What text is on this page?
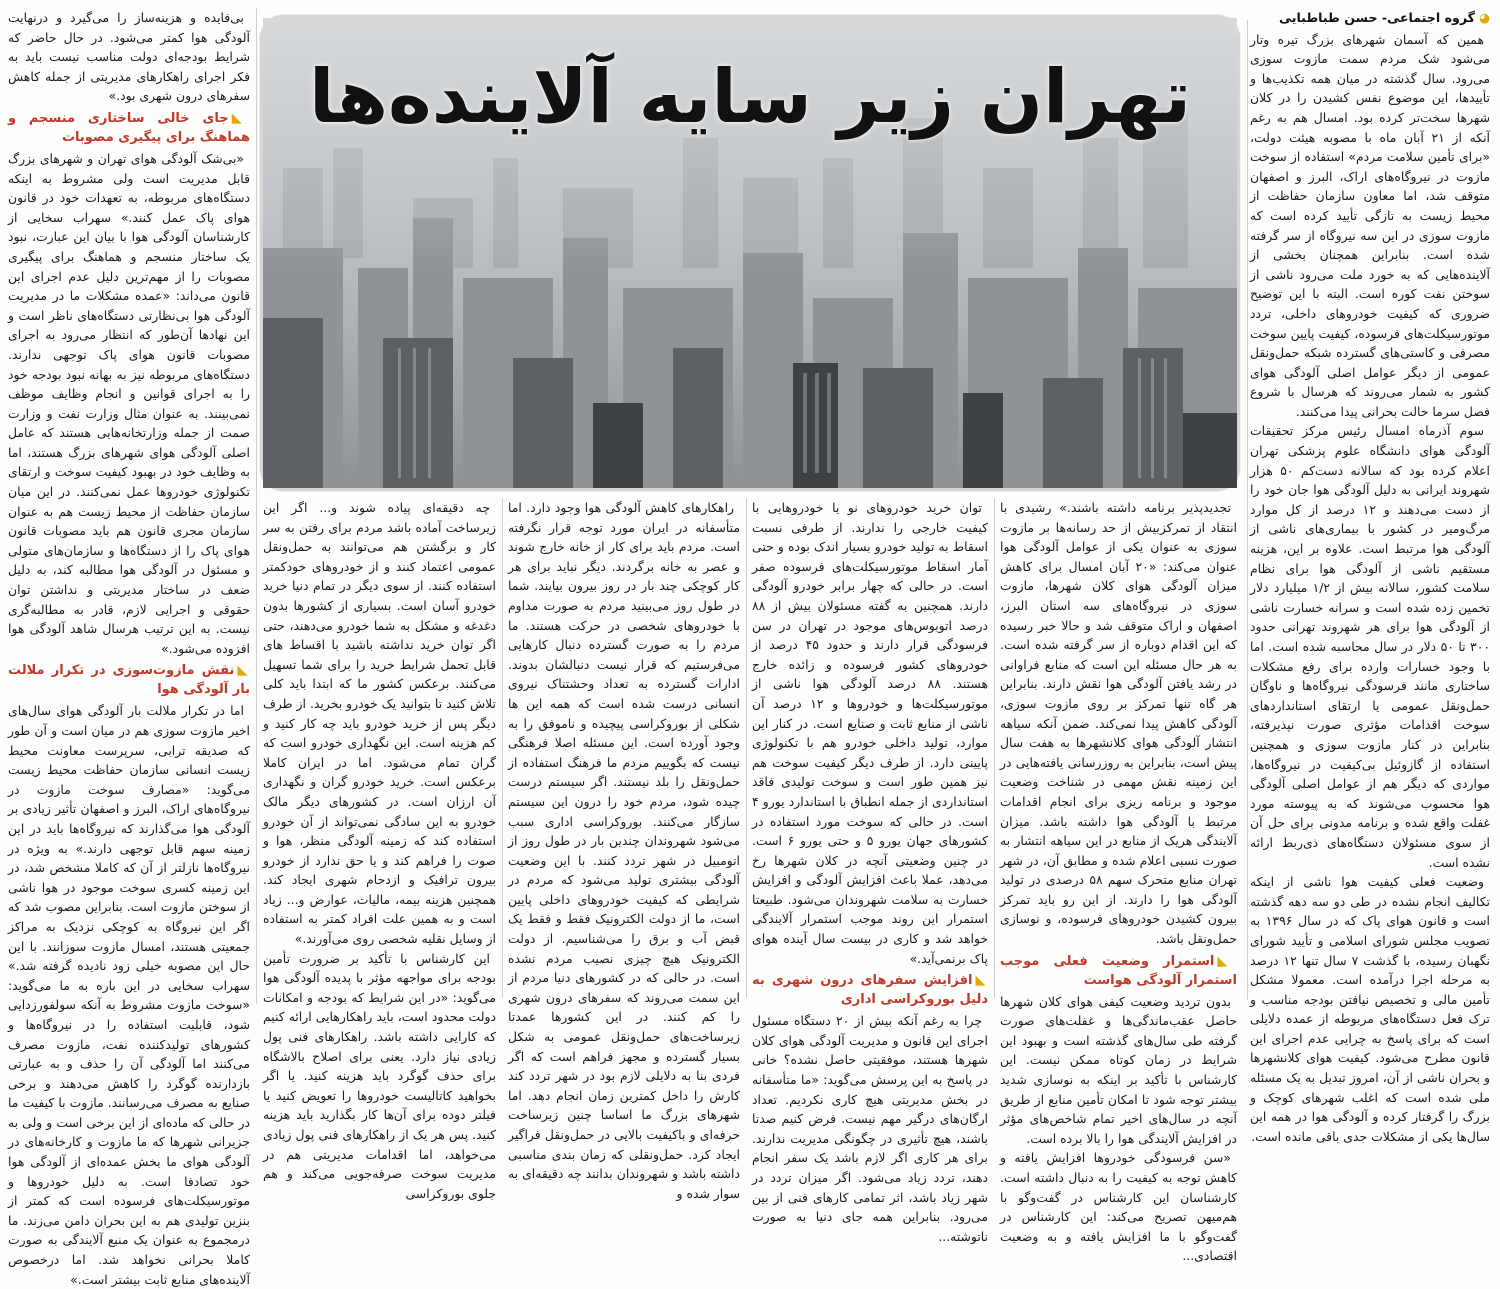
◕گروه اجتماعی- حسن طباطبایی

همین که آسمان شهرهای بزرگ تیره وتار می‌شود شک مردم سمت مازوت سوزی می‌رود. سال گذشته در میان همه تکذیب‌ها و تأییدها، این موضوع نفس کشیدن را در کلان شهرها سخت‌تر کرده بود. امسال هم به رغم آنکه از ۲۱ آبان ماه با مصوبه هیئت دولت، «برای تأمین سلامت مردم» استفاده از سوخت مازوت در نیروگاه‌های اراک، البرز و اصفهان متوقف شد، اما معاون سازمان حفاظت از محیط زیست به تازگی تأیید کرده است که مازوت سوزی در این سه نیروگاه از سر گرفته شده است. بنابراین همچنان بخشی از آلاینده‌هایی که به خورد ملت می‌رود ناشی از سوختن نفت کوره است. البته با این توضیح ضروری که کیفیت خودروهای داخلی، تردد موتورسیکلت‌های فرسوده، کیفیت پایین سوخت مصرفی و کاستی‌های گسترده شبکه حمل‌ونقل عمومی از دیگر عوامل اصلی آلودگی هوای کشور به شمار می‌روند که هرسال با شروع فصل سرما حالت بحرانی پیدا می‌کنند.

سوم آذرماه امسال رئیس مرکز تحقیقات آلودگی هوای دانشگاه علوم پزشکی تهران اعلام کرده بود که سالانه دست‌کم ۵۰ هزار شهروند ایرانی به دلیل آلودگی هوا جان خود را از دست می‌دهند و ۱۲ درصد از کل موارد مرگ‌ومیر در کشور با بیماری‌های ناشی از آلودگی هوا مرتبط است. علاوه بر این، هزینه مستقیم ناشی از آلودگی هوا برای نظام سلامت کشور، سالانه بیش از ۱/۲ میلیارد دلار تخمین زده شده است و سرانه خسارت ناشی از آلودگی هوا برای هر شهروند تهرانی حدود ۳۰۰ تا ۵۰ دلار در سال محاسبه شده است. اما با وجود خسارات وارده برای رفع مشکلات ساختاری مانند فرسودگی نیروگاه‌ها و ناوگان حمل‌ونقل عمومی یا ارتقای استانداردهای سوخت اقدامات مؤثری صورت نپذیرفته، بنابراین در کنار مازوت سوزی و همچنین استفاده از گازوئیل بی‌کیفیت در نیروگاه‌ها، مواردی که دیگر هم از عوامل اصلی آلودگی هوا محسوب می‌شوند که به پیوسته مورد غفلت واقع شده و برنامه مدونی برای حل آن از سوی مسئولان دستگاه‌های ذی‌ربط ارائه نشده است.

وضعیت فعلی کیفیت هوا ناشی از اینکه تکالیف انجام نشده در طی دو سه دهه گذشته است و قانون هوای پاک که در سال ۱۳۹۶ به تصویب مجلس شورای اسلامی و تأیید شورای نگهبان رسیده، با گذشت ۷ سال تنها ۱۲ درصد به مرحله اجرا درآمده است. معمولا مشکل تأمین مالی و تخصیص نیافتن بودجه مناسب و ترک فعل دستگاه‌های مربوطه از عمده دلایلی است که برای پاسخ به چرایی عدم اجرای این قانون مطرح می‌شود. کیفیت هوای کلانشهرها و بحران ناشی از آن، امروز تبدیل به یک مسئله ملی شده است که اغلب شهرهای کوچک و بزرگ را گرفتار کرده و آلودگی هوا در همه این سال‌ها یکی از مشکلات جدی باقی مانده است.

تهران زیر سایه آلاینده‌ها

تجدیدپذیر برنامه داشته باشند.» رشیدی با انتقاد از تمرکزبیش از حد رسانه‌ها بر مازوت سوزی به عنوان یکی از عوامل آلودگی هوا عنوان می‌کند: «۲۰ آبان امسال برای کاهش میزان آلودگی هوای کلان شهرها، مازوت سوزی در نیروگاه‌های سه استان البرز، اصفهان و اراک متوقف شد و حالا خبر رسیده که این اقدام دوباره از سر گرفته شده است. به هر حال مسئله این است که منابع فراوانی در رشد یافتن آلودگی هوا نقش دارند. بنابراین هر گاه تنها تمرکز بر روی مازوت سوزی، آلودگی کاهش پیدا نمی‌کند. ضمن آنکه سیاهه انتشار آلودگی هوای کلانشهرها به هفت سال پیش است، بنابراین به روزرسانی یافته‌هایی در این زمینه نقش مهمی در شناخت وضعیت موجود و برنامه ریزی برای انجام اقدامات مرتبط با آلودگی هوا داشته باشد. میزان آلایندگی هریک از منابع در این سیاهه انتشار به صورت نسبی اعلام شده و مطابق آن، در شهر تهران منابع متحرک سهم ۵۸ درصدی در تولید آلودگی هوا را دارند. از این رو باید تمرکز بیرون کشیدن خودروهای فرسوده، و نوسازی حمل‌ونقل باشد.

◣استمرار وضعیت فعلی موجب استمرار آلودگی هواست

بدون تردید وضعیت کیفی هوای کلان شهرها حاصل عقب‌ماندگی‌ها و غفلت‌های صورت گرفته طی سال‌های گذشته است و بهبود این شرایط در زمان کوتاه ممکن نیست. این کارشناس با تأکید بر اینکه به نوسازی شدید بیشتر توجه شود تا امکان تأمین منابع از طریق آنچه در سال‌های اخیر تمام شاخص‌های مؤثر در افزایش آلایندگی هوا را بالا برده است.

«سن فرسودگی خودروها افزایش یافته و کاهش توجه به کیفیت را به دنبال داشته است. کارشناسان این کارشناس در گفت‌وگو با هم‌میهن تصریح می‌کند: این کارشناس در گفت‌وگو با ما افزایش یافته و به وضعیت اقتصادی...

توان خرید خودروهای نو یا خودروهایی با کیفیت خارجی را ندارند. از طرفی نسبت اسقاط به تولید خودرو بسیار اندک بوده و حتی آمار اسقاط موتورسیکلت‌های فرسوده صفر است. در حالی که چهار برابر خودرو آلودگی دارند. همچنین به گفته مسئولان بیش از ۸۸ درصد اتوبوس‌های موجود در تهران در سن فرسودگی قرار دارند و حدود ۴۵ درصد از خودروهای کشور فرسوده و زائده خارج هستند. ۸۸ درصد آلودگی هوا ناشی از موتورسیکلت‌ها و خودروها و ۱۲ درصد آن ناشی از منابع ثابت و صنایع است. در کنار این موارد، تولید داخلی خودرو هم با تکنولوژی پایینی دارد. از طرف دیگر کیفیت سوخت هم نیز همین طور است و سوخت تولیدی فاقد استانداردی از جمله انطباق با استاندارد یورو ۴ است. در حالی که سوخت مورد استفاده در کشورهای جهان یورو ۵ و حتی یورو ۶ است. در چنین وضعیتی آنچه در کلان شهرها رخ می‌دهد، عملا باعث افزایش آلودگی و افزایش خسارت به سلامت شهروندان می‌شود. طبیعتا استمرار این روند موجب استمرار آلایندگی خواهد شد و کاری در بیست سال آینده هوای پاک برنمی‌آید.»

◣افزایش سفرهای درون شهری به دلیل بوروکراسی اداری

چرا به رغم آنکه بیش از ۲۰ دستگاه مسئول اجرای این قانون و مدیریت آلودگی هوای کلان شهرها هستند، موفقیتی حاصل نشده؟ خانی در پاسخ به این پرسش می‌گوید: «ما متأسفانه در بخش مدیریتی هیچ کاری نکردیم. تعداد ارگان‌های درگیر مهم نیست. فرض کنیم صدتا باشند، هیچ تأثیری در چگونگی مدیریت ندارند. برای هر کاری اگر لازم باشد یک سفر انجام دهند، تردد زیاد می‌شود. اگر میزان تردد در شهر زیاد باشد، اثر تمامی کارهای فنی از بین می‌رود. بنابراین همه جای دنیا به صورت ناتوشته...

راهکارهای کاهش آلودگی هوا وجود دارد. اما متأسفانه در ایران مورد توجه قرار نگرفته است. مردم باید برای کار از خانه خارج شوند و عصر به خانه برگردند. دیگر نباید برای هر کار کوچکی چند بار در روز بیرون بیایند. شما در طول روز می‌بینید مردم به صورت مداوم با خودروهای شخصی در حرکت هستند. ما مردم را به صورت گسترده دنبال کارهایی می‌فرستیم که قرار نیست دنبالشان بدوند. ادارات گسترده به تعداد وحشتناک نیروی انسانی درست شده است که همه این ها شکلی از بوروکراسی پیچیده و ناموفق را به وجود آورده است. این مسئله اصلا فرهنگی نیست که بگوییم مردم ما فرهنگ استفاده از حمل‌ونقل را بلد نیستند. اگر سیستم درست چیده شود، مردم خود را درون این سیستم سازگار می‌کنند. بوروکراسی اداری سبب می‌شود شهروندان چندین بار در طول روز از اتومبیل در شهر تردد کنند. با این وضعیت آلودگی بیشتری تولید می‌شود که مردم در شرایطی که کیفیت خودروهای داخلی پایین است، ما از دولت الکترونیک فقط و فقط یک قبض آب و برق را می‌شناسیم. از دولت الکترونیک هیچ چیزی نصیب مردم نشده است. در حالی که در کشورهای دنیا مردم از این سمت می‌روند که سفرهای درون شهری را کم کنند. در این کشورها عمدتا زیرساخت‌های حمل‌ونقل عمومی به شکل بسیار گسترده و مجهز فراهم است که اگر فردی بنا به دلایلی لازم بود در شهر تردد کند کارش را داخل کمترین زمان انجام دهد. اما شهرهای بزرگ ما اساسا چنین زیرساخت حرفه‌ای و باکیفیت بالایی در حمل‌ونقل فراگیر ایجاد کرد. حمل‌ونقلی که زمان بندی مناسبی داشته باشد و شهروندان بدانند چه دقیقه‌ای به سوار شده و

چه دقیقه‌ای پیاده شوند و... اگر این زیرساخت آماده باشد مردم برای رفتن به سر کار و برگشتن هم می‌توانند به حمل‌ونقل عمومی اعتماد کنند و از خودروهای خودکمتر استفاده کنند. از سوی دیگر در تمام دنیا خرید خودرو آسان است. بسیاری از کشورها بدون دغدغه و مشکل به شما خودرو می‌دهند، حتی اگر توان خرید نداشته باشید با اقساط های قابل تحمل شرایط خرید را برای شما تسهیل می‌کنند. برعکس کشور ما که ابتدا باید کلی تلاش کنید تا بتوانید یک خودرو بخرید. از طرف دیگر پس از خرید خودرو باید چه کار کنید و کم هزینه است. این نگهداری خودرو است که گران تمام می‌شود. اما در ایران کاملا برعکس است. خرید خودرو گران و نگهداری آن ارزان است. در کشورهای دیگر مالک خودرو به این سادگی نمی‌تواند از آن خودرو استفاده کند که زمینه آلودگی منظر، هوا و صوت را فراهم کند و یا حق ندارد از خودرو بیرون ترافیک و ازدحام شهری ایجاد کند. همچنین هزینه بیمه، مالیات، عوارض و... زیاد است و به همین علت افراد کمتر به استفاده از وسایل نقلیه شخصی روی می‌آورند.»

این کارشناس با تأکید بر ضرورت تأمین بودجه برای مواجهه مؤثر با پدیده آلودگی هوا می‌گوید: «در این شرایط که بودجه و امکانات دولت محدود است، باید راهکارهایی ارائه کنیم که کارایی داشته باشد. راهکارهای فنی پول زیادی نیاز دارد. یعنی برای اصلاح بالاشگاه برای حذف گوگرد باید هزینه کنید. یا اگر بخواهید کاتالیست خودروها را تعویض کنید یا فیلتر دوده برای آن‌ها کار بگذارید باید هزینه کنید. پس هر یک از راهکارهای فنی پول زیادی می‌خواهد، اما اقدامات مدیریتی هم در مدیریت سوخت صرفه‌جویی می‌کند و هم جلوی بوروکراسی

بی‌فایده و هزینه‌ساز را می‌گیرد و درنهایت آلودگی هوا کمتر می‌شود. در حال حاضر که شرایط بودجه‌ای دولت مناسب نیست باید به فکر اجرای راهکارهای مدیریتی از جمله کاهش سفرهای درون شهری بود.»

◣جای خالی ساختاری منسجم و هماهنگ برای پیگیری مصوبات

«بی‌شک آلودگی هوای تهران و شهرهای بزرگ قابل مدیریت است ولی مشروط به اینکه دستگاه‌های مربوطه، به تعهدات خود در قانون هوای پاک عمل کنند.» سهراب سخایی از کارشناسان آلودگی هوا با بیان این عبارت، نبود یک ساختار منسجم و هماهنگ برای پیگیری مصوبات را از مهم‌ترین دلیل عدم اجرای این قانون می‌داند: «عمده مشکلات ما در مدیریت آلودگی هوا بی‌نظارتی دستگاه‌های ناظر است و این نهادها آن‌طور که انتظار می‌رود به اجرای مصوبات قانون هوای پاک توجهی ندارند. دستگاه‌های مربوطه نیز به بهانه نبود بودجه خود را به اجرای قوانین و انجام وظایف موظف نمی‌بینند. به عنوان مثال وزارت نفت و وزارت صمت از جمله وزارتخانه‌هایی هستند که عامل اصلی آلودگی هوای شهرهای بزرگ هستند، اما به وظایف خود در بهبود کیفیت سوخت و ارتقای تکنولوژی خودروها عمل نمی‌کنند. در این میان سازمان حفاظت از محیط زیست هم به عنوان سازمان مجری قانون هم باید مصوبات قانون هوای پاک را از دستگاه‌ها و سازمان‌های متولی و مسئول در آلودگی هوا مطالبه کند، به دلیل ضعف در ساختار مدیریتی و نداشتن توان حقوقی و اجرایی لازم، قادر به مطالبه‌گری نیست. به این ترتیب هرسال شاهد آلودگی هوا افزوده می‌شود.»

◣نقش مازوت‌سوزی در تکرار ملالت بار آلودگی هوا

اما در تکرار ملالت بار آلودگی هوای سال‌های اخیر مازوت سوزی هم در میان است و آن طور که صدیقه ترابی، سرپرست معاونت محیط زیست انسانی سازمان حفاظت محیط زیست می‌گوید: «مصارف سوخت مازوت در نیروگاه‌های اراک، البرز و اصفهان تأثیر زیادی بر آلودگی هوا می‌گذارند که نیروگاه‌ها باید در این زمینه سهم قابل توجهی دارند.» به ویژه در نیروگاه‌ها نازلتر از آن که کاملا مشخص شد، در این زمینه کسری سوخت موجود در هوا ناشی از سوختن مازوت است. بنابراین مصوب شد که اگر این نیروگاه به کوچکی نزدیک به مراکز جمعیتی هستند، امسال مازوت سوزانند. با این حال این مصوبه خیلی زود نادیده گرفته شد.» سهراب سخایی در این باره به ما می‌گوید: «سوخت مازوت مشروط به آنکه سولفورزدایی شود، قابلیت استفاده را در نیروگاه‌ها و کشورهای تولیدکننده نفت، مازوت مصرف می‌کنند اما آلودگی آن را حذف و به عبارتی بازدارنده گوگرد را کاهش می‌دهند و برخی صنایع به مصرف می‌رسانند. مازوت با کیفیت ما در حالی که ماده‌ای از این برخی است و ولی به جزیرانی شهرها که ما مازوت و کارخانه‌های در آلودگی هوای ما بخش عمده‌ای از آلودگی هوا خود تصادفا است. به دلیل خودروها و موتورسیکلت‌های فرسوده است که کمتر از بنزین تولیدی هم به این بحران دامن می‌زند. ما درمجموع به عنوان یک منبع آلایندگی به صورت کاملا بحرانی نخواهد شد. اما درخصوص آلاینده‌های منابع ثابت بیشتر است.»
